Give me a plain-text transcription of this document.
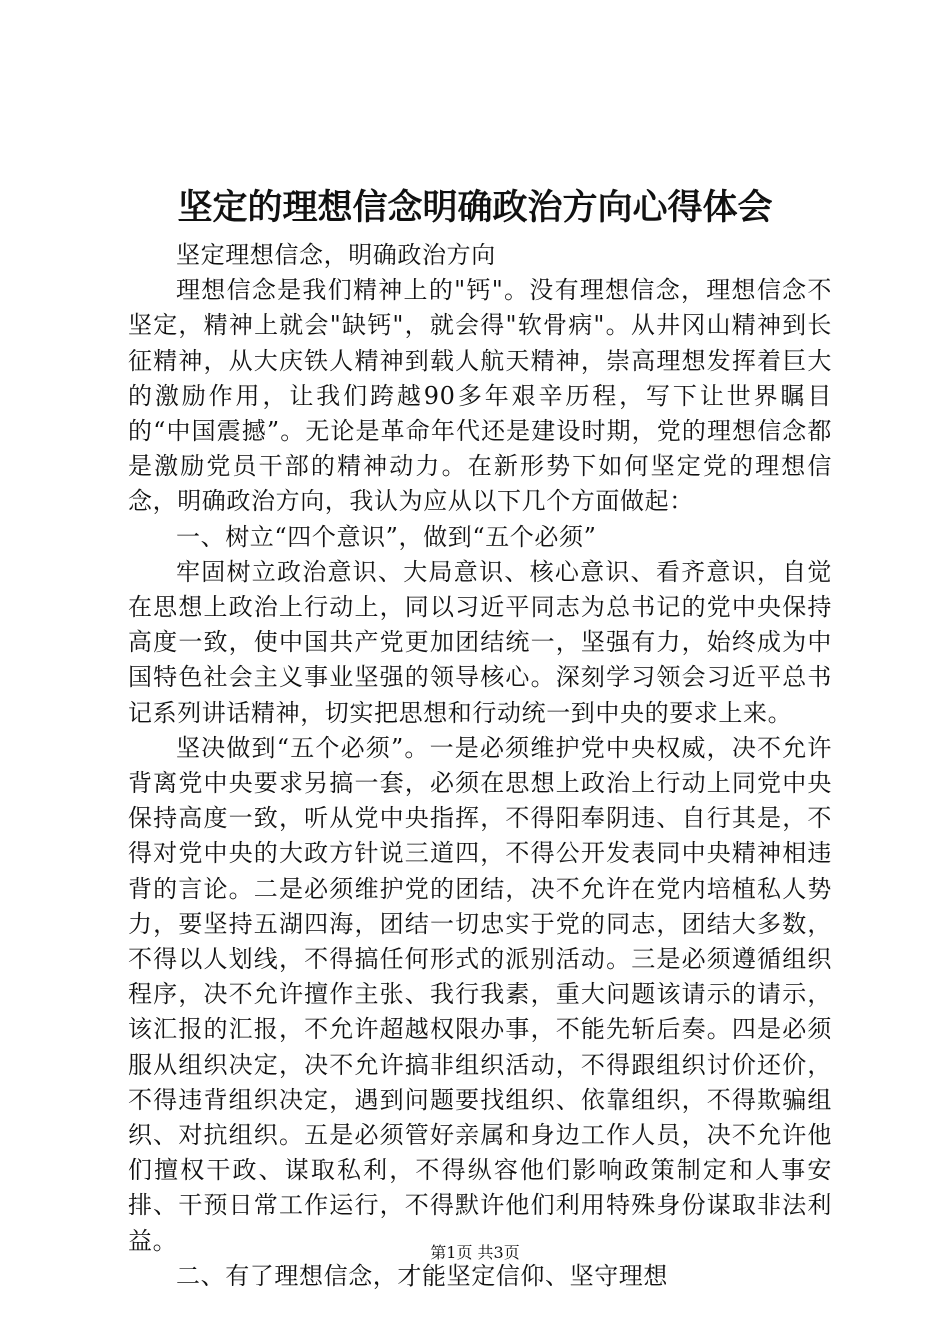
坚定的理想信念明确政治方向心得体会

坚定理想信念，明确政治方向

理想信念是我们精神上的"钙"。没有理想信念，理想信念不坚定，精神上就会"缺钙"，就会得"软骨病"。从井冈山精神到长征精神，从大庆铁人精神到载人航天精神，崇高理想发挥着巨大的激励作用，让我们跨越90多年艰辛历程，写下让世界瞩目的“中国震撼”。无论是革命年代还是建设时期，党的理想信念都是激励党员干部的精神动力。在新形势下如何坚定党的理想信念，明确政治方向，我认为应从以下几个方面做起：

一、树立“四个意识”，做到“五个必须”

牢固树立政治意识、大局意识、核心意识、看齐意识，自觉在思想上政治上行动上，同以习近平同志为总书记的党中央保持高度一致，使中国共产党更加团结统一，坚强有力，始终成为中国特色社会主义事业坚强的领导核心。深刻学习领会习近平总书记系列讲话精神，切实把思想和行动统一到中央的要求上来。

坚决做到“五个必须”。一是必须维护党中央权威，决不允许背离党中央要求另搞一套，必须在思想上政治上行动上同党中央保持高度一致，听从党中央指挥，不得阳奉阴违、自行其是，不得对党中央的大政方针说三道四，不得公开发表同中央精神相违背的言论。二是必须维护党的团结，决不允许在党内培植私人势力，要坚持五湖四海，团结一切忠实于党的同志，团结大多数，不得以人划线，不得搞任何形式的派别活动。三是必须遵循组织程序，决不允许擅作主张、我行我素，重大问题该请示的请示，该汇报的汇报，不允许超越权限办事，不能先斩后奏。四是必须服从组织决定，决不允许搞非组织活动，不得跟组织讨价还价，不得违背组织决定，遇到问题要找组织、依靠组织，不得欺骗组织、对抗组织。五是必须管好亲属和身边工作人员，决不允许他们擅权干政、谋取私利，不得纵容他们影响政策制定和人事安排、干预日常工作运行，不得默许他们利用特殊身份谋取非法利益。

二、有了理想信念，才能坚定信仰、坚守理想

第1页 共3页
